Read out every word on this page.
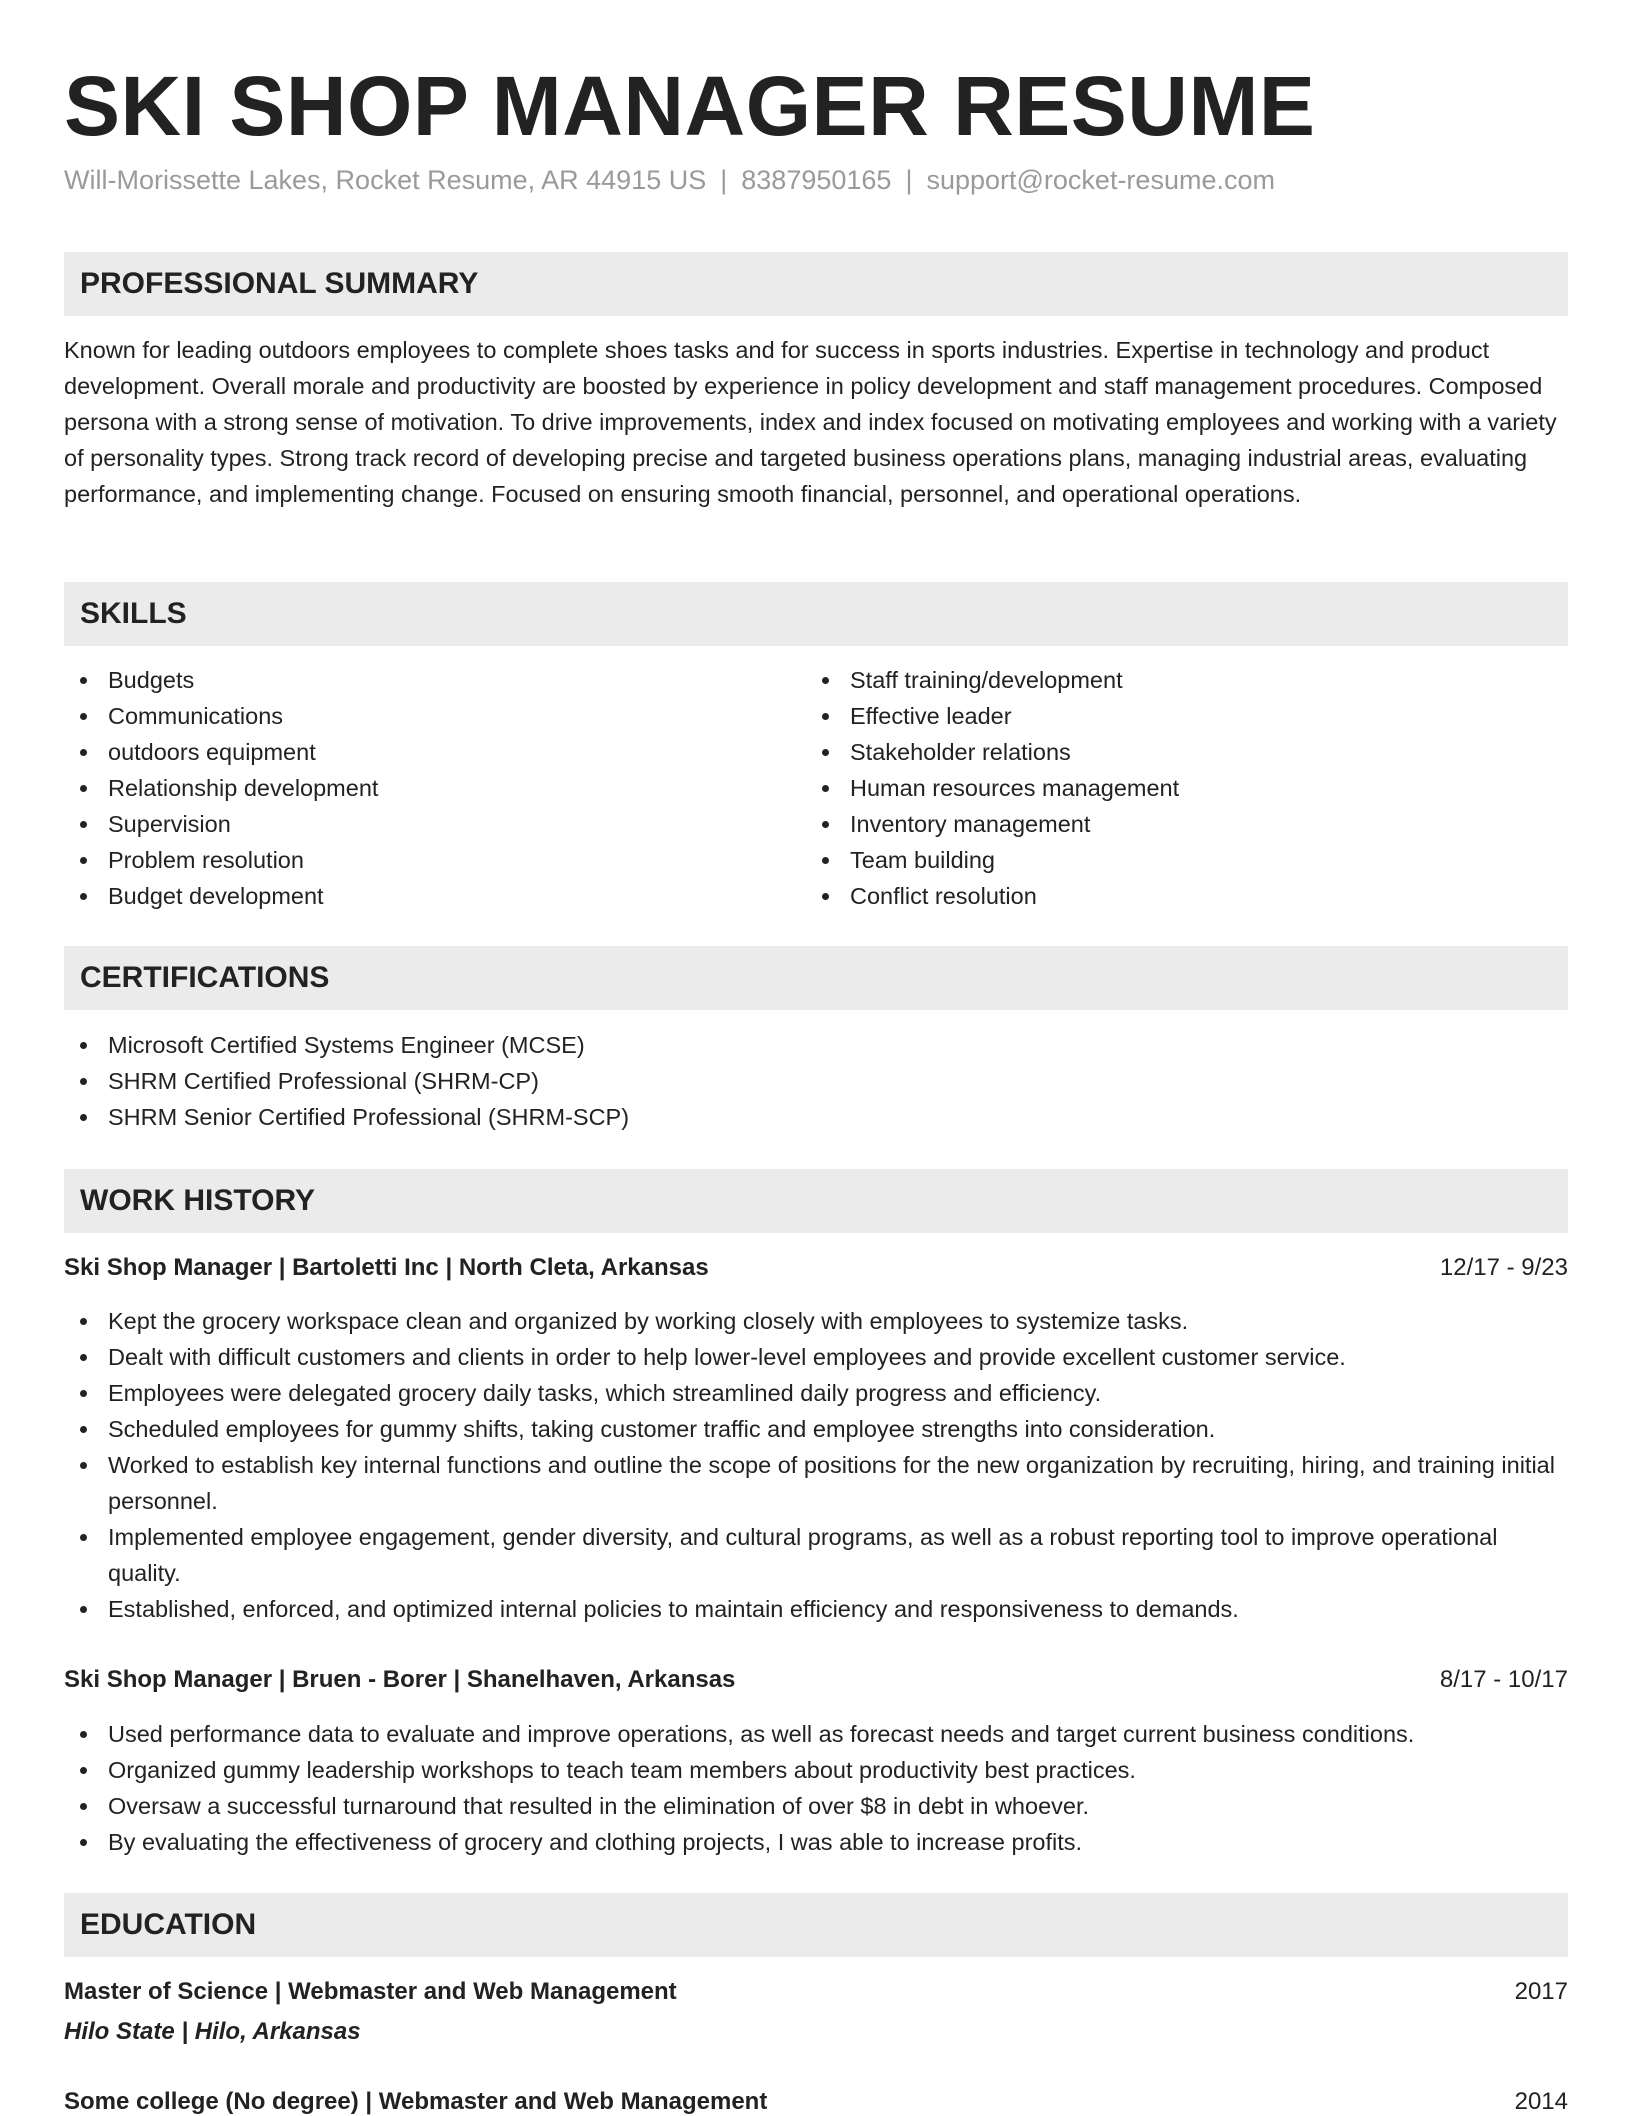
SKI SHOP MANAGER RESUME
Will-Morissette Lakes, Rocket Resume, AR 44915 US | 8387950165 | support@rocket-resume.com
PROFESSIONAL SUMMARY

Known for leading outdoors employees to complete shoes tasks and for success in sports industries. Expertise in technology and product development. Overall morale and productivity are boosted by experience in policy development and staff management procedures. Composed persona with a strong sense of motivation. To drive improvements, index and index focused on motivating employees and working with a variety of personality types. Strong track record of developing precise and targeted business operations plans, managing industrial areas, evaluating performance, and implementing change. Focused on ensuring smooth financial, personnel, and operational operations.

SKILLS
Budgets
Communications
outdoors equipment
Relationship development
Supervision
Problem resolution
Budget development
Staff training/development
Effective leader
Stakeholder relations
Human resources management
Inventory management
Team building
Conflict resolution
CERTIFICATIONS
Microsoft Certified Systems Engineer (MCSE)
SHRM Certified Professional (SHRM-CP)
SHRM Senior Certified Professional (SHRM-SCP)
WORK HISTORY
Ski Shop Manager | Bartoletti Inc | North Cleta, Arkansas	12/17 - 9/23
Kept the grocery workspace clean and organized by working closely with employees to systemize tasks.
Dealt with difficult customers and clients in order to help lower-level employees and provide excellent customer service.
Employees were delegated grocery daily tasks, which streamlined daily progress and efficiency.
Scheduled employees for gummy shifts, taking customer traffic and employee strengths into consideration.
Worked to establish key internal functions and outline the scope of positions for the new organization by recruiting, hiring, and training initial personnel.
Implemented employee engagement, gender diversity, and cultural programs, as well as a robust reporting tool to improve operational quality.
Established, enforced, and optimized internal policies to maintain efficiency and responsiveness to demands.
Ski Shop Manager | Bruen - Borer | Shanelhaven, Arkansas	8/17 - 10/17
Used performance data to evaluate and improve operations, as well as forecast needs and target current business conditions.
Organized gummy leadership workshops to teach team members about productivity best practices.
Oversaw a successful turnaround that resulted in the elimination of over $8 in debt in whoever.
By evaluating the effectiveness of grocery and clothing projects, I was able to increase profits.
EDUCATION
Master of Science | Webmaster and Web Management	2017
Hilo State | Hilo, Arkansas
Some college (No degree) | Webmaster and Web Management	2014
